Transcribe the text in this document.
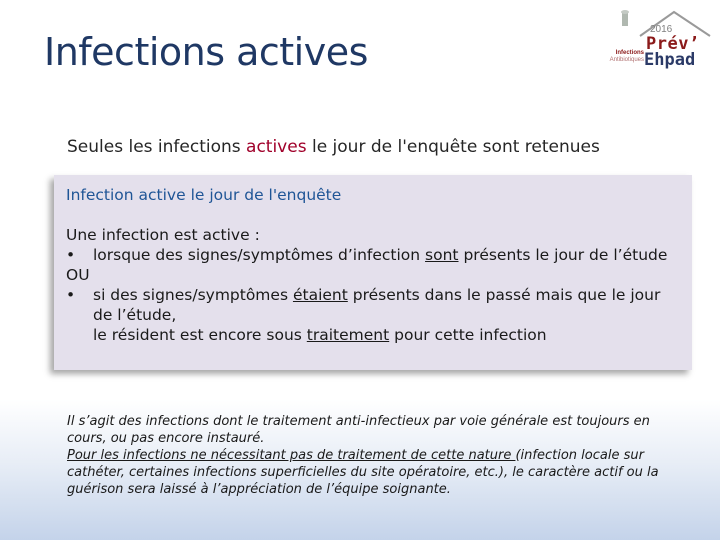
Infections actives	Infections
Antibiotiques
2016
Prév’
Ehpad
Seules les infections actives le jour de l'enquête sont retenues
Infection active le jour de l'enquête
Une infection est active :
•	lorsque des signes/symptômes d’infection sont présents le jour de l’étude
OU
•	si des signes/symptômes étaient présents dans le passé mais que le jour
de l’étude,
le résident est encore sous traitement pour cette infection
Il s’agit des infections dont le traitement anti-infectieux par voie générale est toujours en cours, ou pas encore instauré.
Pour les infections ne nécessitant pas de traitement de cette nature (infection locale sur cathéter, certaines infections superficielles du site opératoire, etc.), le caractère actif ou la guérison sera laissé à l’appréciation de l’équipe soignante.
